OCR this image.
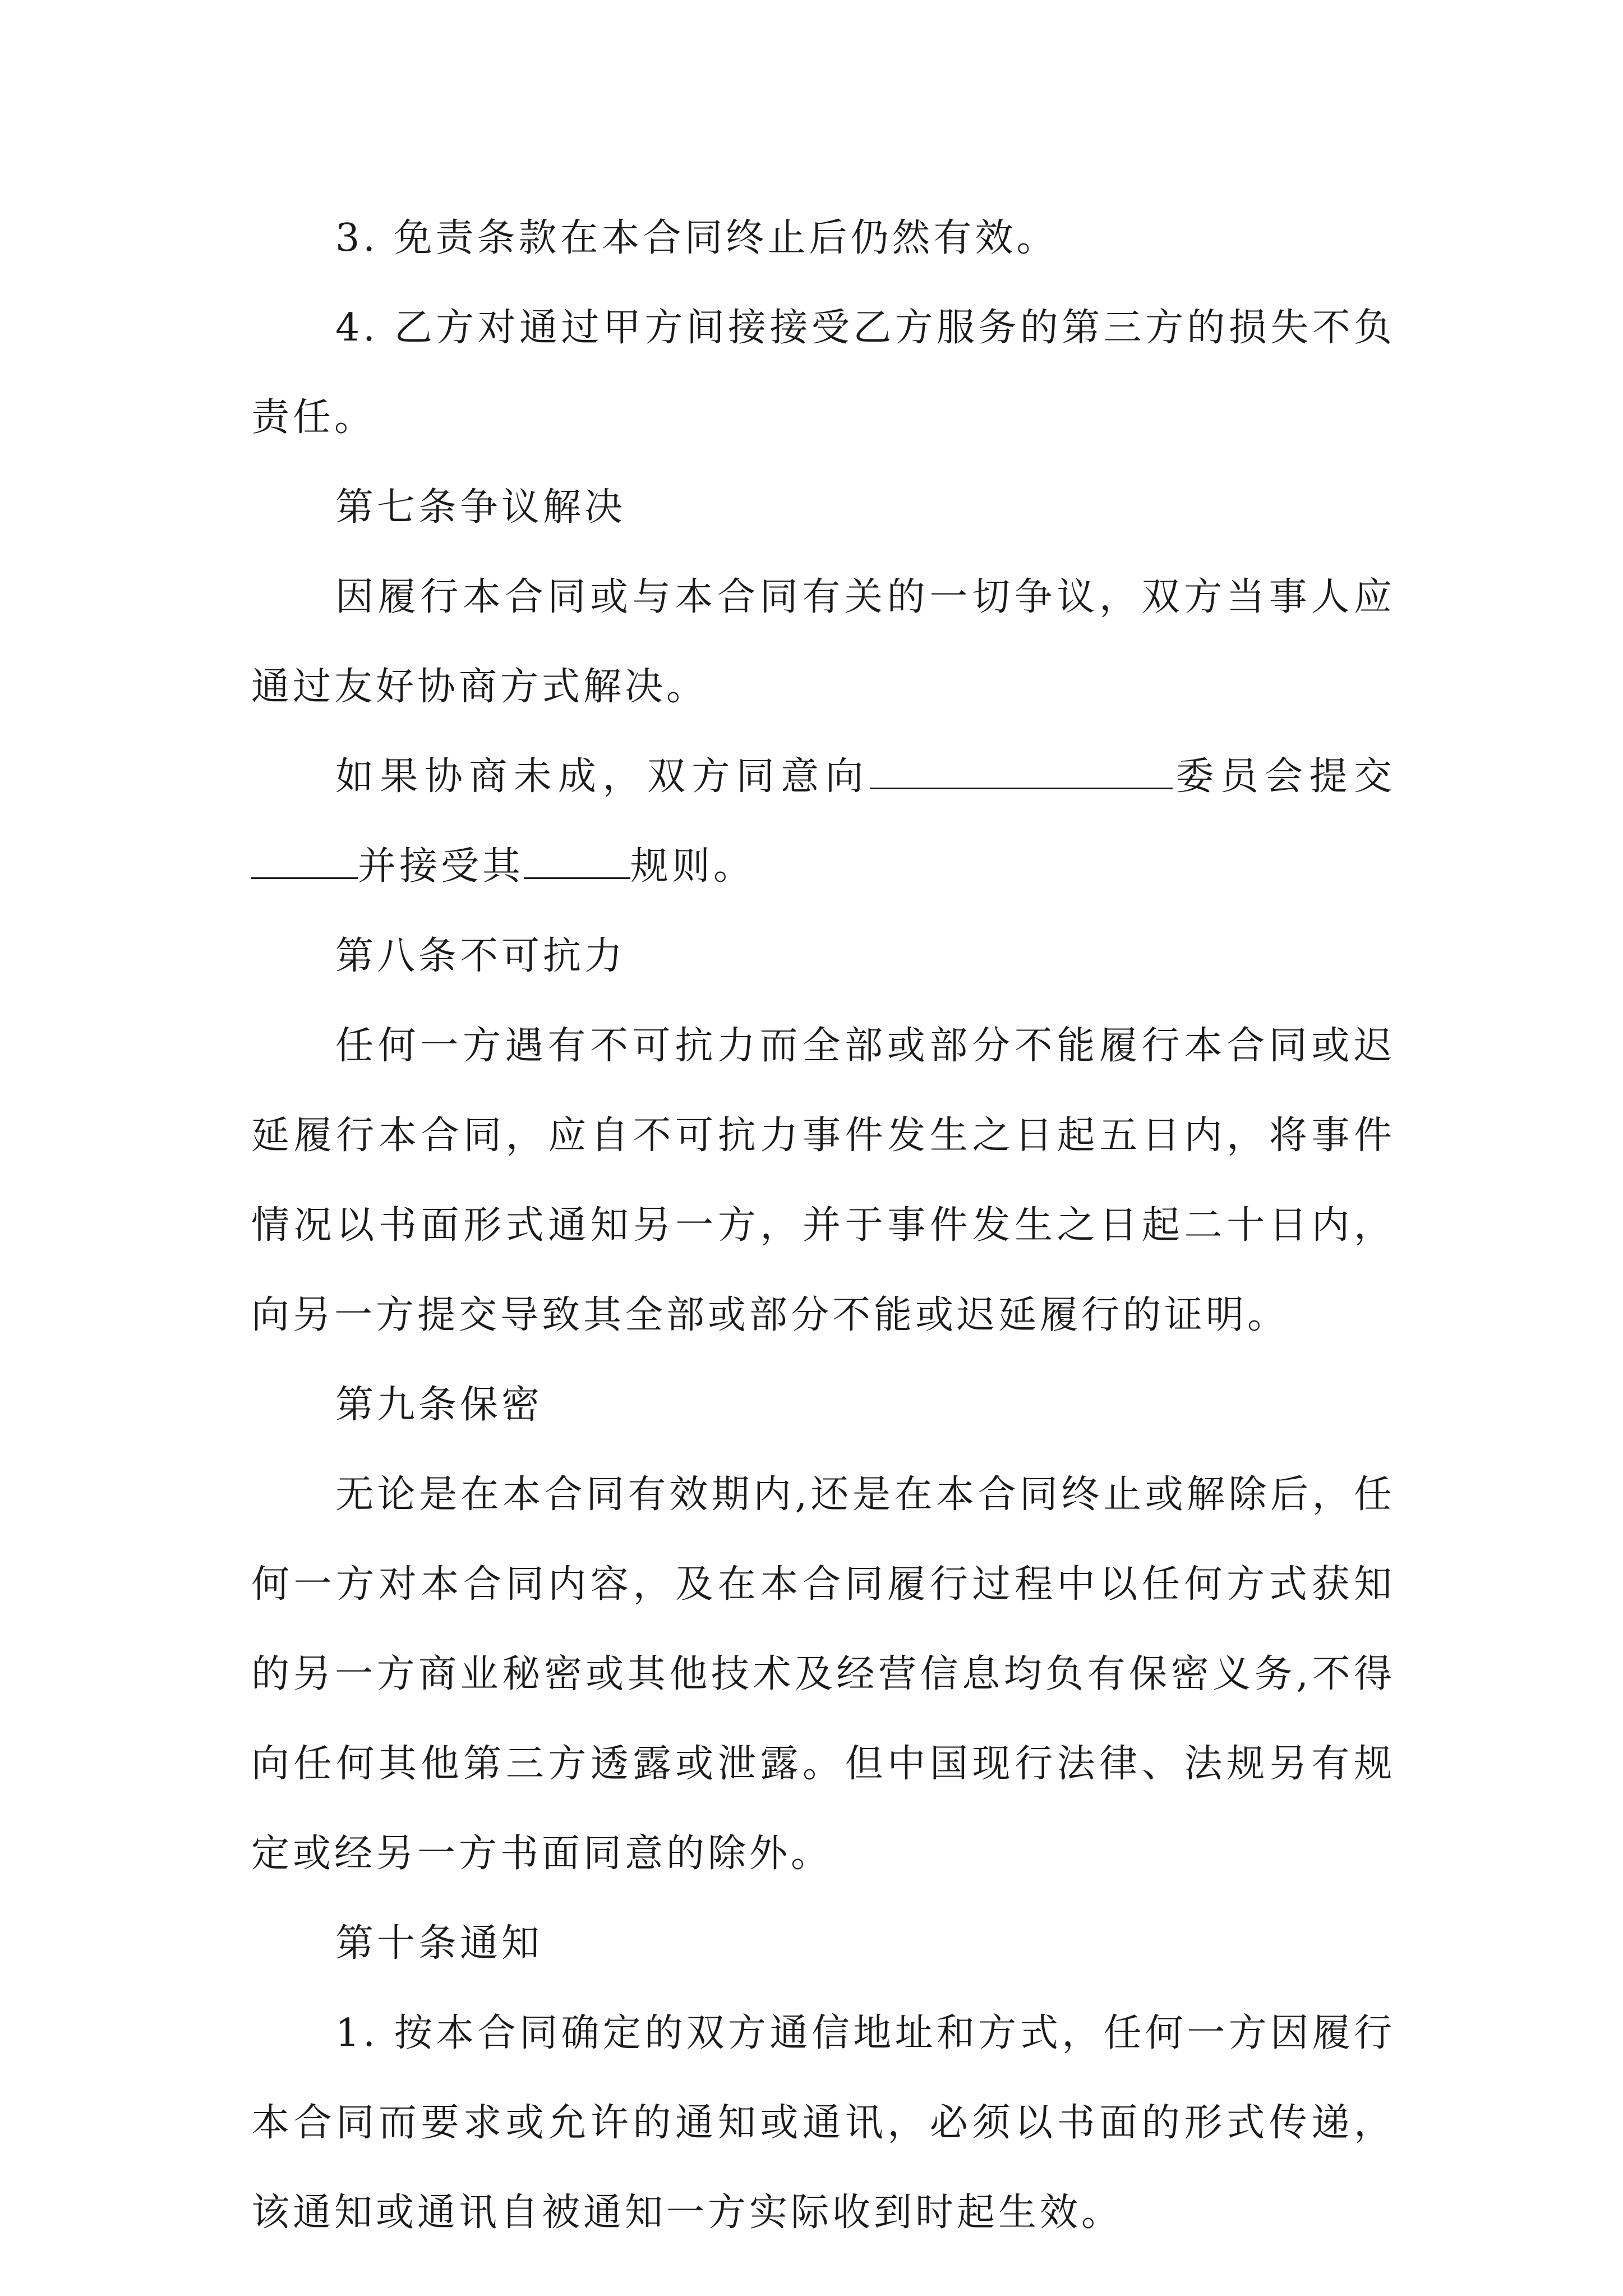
3. 免责条款在本合同终止后仍然有效。

4. 乙方对通过甲方间接接受乙方服务的第三方的损失不负责任。

第七条争议解决

因履行本合同或与本合同有关的一切争议，双方当事人应通过友好协商方式解决。

如果协商未成，双方同意向	委员会提交并接受其	规则。

第八条不可抗力

任何一方遇有不可抗力而全部或部分不能履行本合同或迟延履行本合同，应自不可抗力事件发生之日起五日内，将事件情况以书面形式通知另一方，并于事件发生之日起二十日内，向另一方提交导致其全部或部分不能或迟延履行的证明。

第九条保密

无论是在本合同有效期内,还是在本合同终止或解除后，任何一方对本合同内容，及在本合同履行过程中以任何方式获知的另一方商业秘密或其他技术及经营信息均负有保密义务,不得向任何其他第三方透露或泄露。但中国现行法律、法规另有规定或经另一方书面同意的除外。

第十条通知

1. 按本合同确定的双方通信地址和方式，任何一方因履行本合同而要求或允许的通知或通讯，必须以书面的形式传递，该通知或通讯自被通知一方实际收到时起生效。
